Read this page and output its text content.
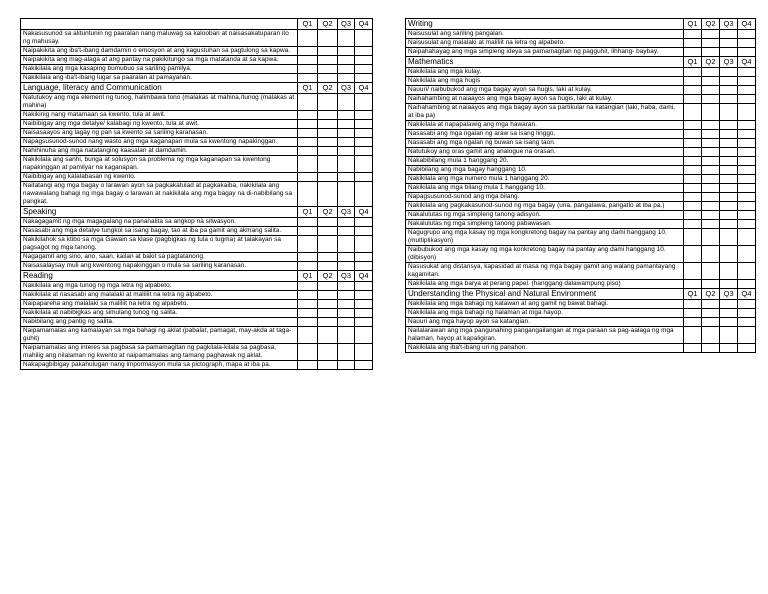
	Q1	Q2	Q3	Q4
Nakasusunod sa alituntunin ng paaralan nang maluwag sa kalooban at naisasakatuparan ito ng mahusay.				
Naipakikita ang iba't-ibang damdamin o emosyon at ang kagustuhan sa pagtulong sa kapwa.				
Naipakikita ang mag-alaga at ang pantay na pakikitungo sa mga matatanda at sa kapwa.				
Nakikilala ang mga kasaping bumubuo sa sariling pamilya.				
Nakikilala ang iba't-ibang lugar sa paaralan at pamayanan.				
Language, literacy and Communication	Q1	Q2	Q3	Q4
Natutukoy ang mga element ng tunog, halimbawa tono (malakas at mahina,/tunog (malakas at mahina)				
Nakikinig nang matamaan sa kwento, tula at awit.				
Naibibigay ang mga detalye/ kalabagi ng kwento, tula at awit.				
Naisasaayos ang lagay ng pan sa kwento sa sariling karanasan.				
Napagsusunod-sunod nang wasto ang mga kaganapan mula sa kwentong napakinggan.				
Nahihinuha ang mga natatanging kaasalan at damdamin.				
Nakikilala ang sanhi, bunga at solusyon sa problema ng mga kaganapan sa kwentong napakinggan at pamilyar na kaganapan.				
Naibibigay ang kalalabasan ng kwento.				
Naitatangi ang mga bagay o larawan ayon sa pagkakatulad at pagkakaiba, nakikilala ang nawawalang bahagi ng mga bagay o larawan at nakikilala ang mga bagay na di-nabibilang sa pangkat.				
Speaking	Q1	Q2	Q3	Q4
Nakagagamit ng mga magagalang na pananalita sa angkop na sitwasyon.				
Nasasabi ang mga detalye tungkol sa isang bagay, tao at iba pa gamit ang akmang salita.				
Nakikilahok sa ktibo sa mga Gawain sa klase (pagbigkas ng tula o tugma) at talakayan sa pagsagot ng mga tanong.				
Nagagamit ang sino, ano, saan, kailan at bakit sa pagtatanong.				
Naisasalaysay muli ang kwentong napakinggan o mula sa sariling karanasan.				
Reading	Q1	Q2	Q3	Q4
Nakikilala ang mga tunog ng mga letra ng alpabeto.				
Nakikilala at nasasabi ang malalaki at maliliit na letra ng alpabeto.				
Naipapareha ang malalaki sa maliliit na letra ng alpabeto.				
Nakikilala at nabibigkas ang simulang tunog ng salita.				
Nabibilang ang pantig ng salita.				
Naipamamalas ang kamalayan sa mga bahagi ng aklat (pabalat, pamagat, may-akda at taga-guhit)				
Naipamamalas ang interes sa pagbasa sa pamamagitan ng pagkilala-kilala sa pagbasa, mahilig ang nilalaman ng kwento at naipamamalas ang tamang paghawak ng aklat.				
Nakapagbibigay pakahulugan nang impormasyon mula sa pictograph, mapa at iba pa.				
Writing	Q1	Q2	Q3	Q4
Naisusulat ang sariling pangalan.				
Naisusulat ang malalaki at maliliit na letra ng alpabeto.				
Naipahahayag ang mga simpleng ideya sa pamamagitan ng pagguhit, lihhang- baybay.				
Mathematics	Q1	Q2	Q3	Q4
Nakikilala ang mga kulay.				
Nakikilala ang mga hugis				
Nauuri/ naibubukod ang mga bagay ayon sa hugis, laki at kulay.				
Naihahambing at naiaayos ang mga bagay ayon sa hugis, laki at kulay.				
Naihahambing at naiaayos ang mga bagay ayon sa partikular na katangian (laki, haba, dami, at iba pa)				
Nakikilala at napapalawig ang mga hawaran.				
Nasasabi ang mga ngalan ng araw sa isang linggo.				
Nasasabi ang mga ngalan ng buwan sa isang taon.				
Natutukoy ang oras gamit ang analogue na orasan.				
Nakabibilang mula 1 hanggang 20.				
Nabibilang ang mga bagay hanggang 10.				
Nakikilala ang mga numero mula 1 hanggang 20.				
Nakikilala ang mga bilang mula 1 hanggang 10.				
Napagsusunod-sunod ang mga bilang.				
Nakikilala ang pagkakasunod-sunod ng mga bagay (una, pangalawa, pangatlo at iba pa.)				
Nakalulutas ng mga simpleng tanong adisyon.				
Nakalulutas ng mga simpleng tanong pabawasan.				
Nagugrupo ang mga kasay ng mga kongkretong bagay na pantay ang dami hanggang 10.(multiplikasyon)				
Naibubukod ang mga kasay ng mga konkretong bagay na pantay ang dami hanggang 10. (dibisyon)				
Nasusukat ang distansya, kapasidad at masa ng mga bagay gamit ang walang pamantayang kagamitan.				
Nakikilala ang mga barya at perang papel. (hanggang dalawampung piso)				
Understanding the Physical and Natural Environment	Q1	Q2	Q3	Q4
Nakikilala ang mga bahagi ng katawan at ang gamit ng bawat bahagi.				
Nakikilala ang mga bahagi ng halaman at mga hayop.				
Nauuri ang mga hayop ayon sa katangian.				
Nailalarawan ang mga pangunahing pangangailangan at mga paraan sa pag-aalaga ng mga halaman, hayop at kapaligiran.				
Nakikilala ang iba't-ibang uri ng panahon.				
